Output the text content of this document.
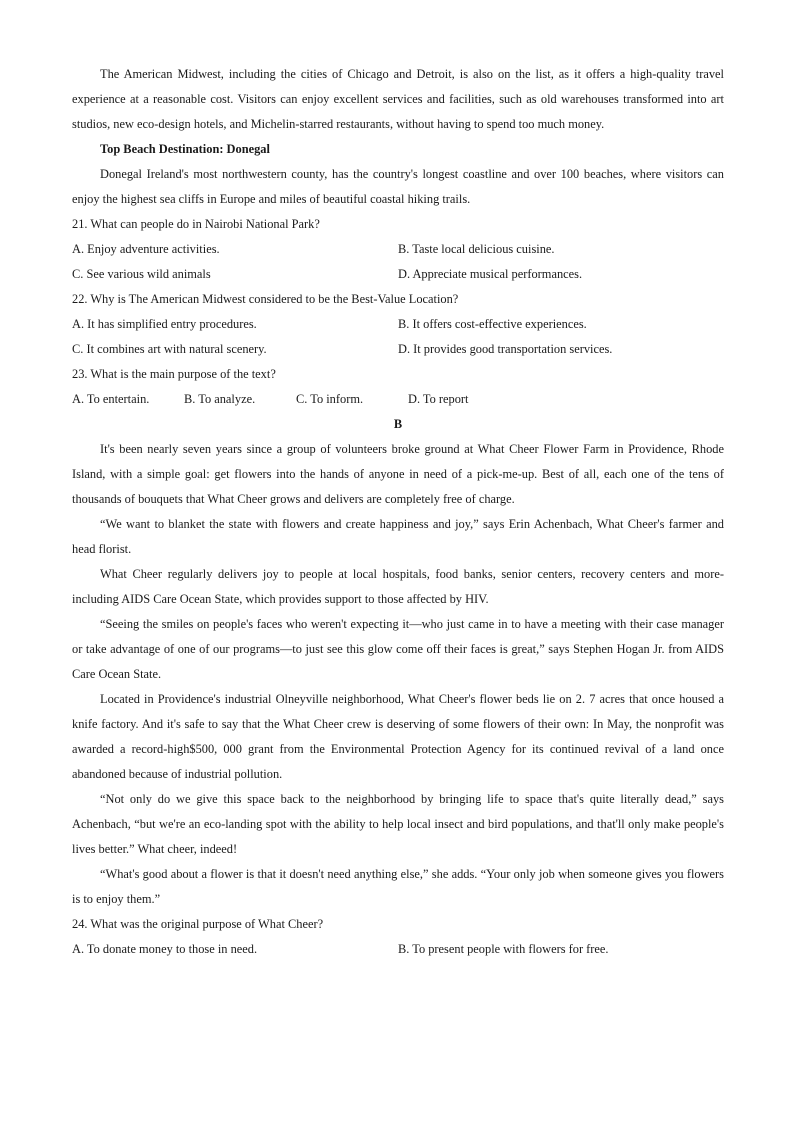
The American Midwest, including the cities of Chicago and Detroit, is also on the list, as it offers a high-quality travel experience at a reasonable cost. Visitors can enjoy excellent services and facilities, such as old warehouses transformed into art studios, new eco-design hotels, and Michelin-starred restaurants, without having to spend too much money.

Top Beach Destination: Donegal

Donegal Ireland's most northwestern county, has the country's longest coastline and over 100 beaches, where visitors can enjoy the highest sea cliffs in Europe and miles of beautiful coastal hiking trails.

21. What can people do in Nairobi National Park?

A. Enjoy adventure activities.	B. Taste local delicious cuisine.
C. See various wild animals	D. Appreciate musical performances.

22. Why is The American Midwest considered to be the Best-Value Location?

A. It has simplified entry procedures.	B. It offers cost-effective experiences.
C. It combines art with natural scenery.	D. It provides good transportation services.

23. What is the main purpose of the text?

A. To entertain.	B. To analyze.	C. To inform.	D. To report

B

It's been nearly seven years since a group of volunteers broke ground at What Cheer Flower Farm in Providence, Rhode Island, with a simple goal: get flowers into the hands of anyone in need of a pick-me-up. Best of all, each one of the tens of thousands of bouquets that What Cheer grows and delivers are completely free of charge.

“We want to blanket the state with flowers and create happiness and joy,” says Erin Achenbach, What Cheer's farmer and head florist.

What Cheer regularly delivers joy to people at local hospitals, food banks, senior centers, recovery centers and more-including AIDS Care Ocean State, which provides support to those affected by HIV.

“Seeing the smiles on people's faces who weren't expecting it—who just came in to have a meeting with their case manager or take advantage of one of our programs—to just see this glow come off their faces is great,” says Stephen Hogan Jr. from AIDS Care Ocean State.

Located in Providence's industrial Olneyville neighborhood, What Cheer's flower beds lie on 2. 7 acres that once housed a knife factory. And it's safe to say that the What Cheer crew is deserving of some flowers of their own: In May, the nonprofit was awarded a record-high$500, 000 grant from the Environmental Protection Agency for its continued revival of a land once abandoned because of industrial pollution.

“Not only do we give this space back to the neighborhood by bringing life to space that's quite literally dead,” says Achenbach, “but we're an eco-landing spot with the ability to help local insect and bird populations, and that'll only make people's lives better.” What cheer, indeed!

“What's good about a flower is that it doesn't need anything else,” she adds. “Your only job when someone gives you flowers is to enjoy them.”

24. What was the original purpose of What Cheer?

A. To donate money to those in need.	B. To present people with flowers for free.
